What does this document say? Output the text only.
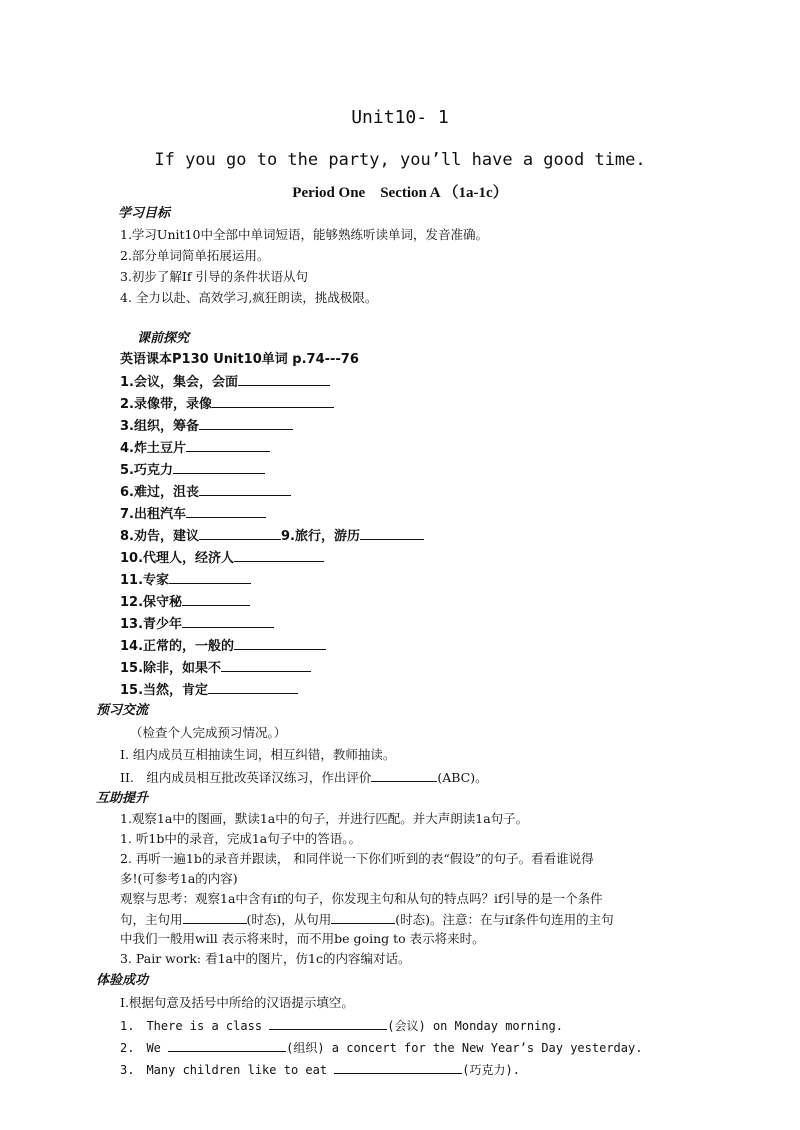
Unit10- 1
If you go to the party, you’ll have a good time.
Period One　Section A （1a-1c）
学习目标
1.学习Unit10中全部中单词短语，能够熟练听读单词，发音准确。
2.部分单词简单拓展运用。
3.初步了解If 引导的条件状语从句
4. 全力以赴、高效学习,疯狂朗读，挑战极限。
课前探究
英语课本P130 Unit10单词 p.74---76
1.会议，集会，会面
2.录像带，录像
3.组织，筹备
4.炸土豆片
5.巧克力
6.难过，沮丧
7.出租汽车
8.劝告，建议	9.旅行，游历
10.代理人，经济人
11.专家
12.保守秘
13.青少年
14.正常的，一般的
15.除非，如果不
15.当然，肯定
预习交流
（检查个人完成预习情况。）
I. 组内成员互相抽读生词，相互纠错，教师抽读。
II.　组内成员相互批改英译汉练习，作出评价	(ABC)。
互助提升
1.观察1a中的图画，默读1a中的句子，并进行匹配。并大声朗读1a句子。
1. 听1b中的录音，完成1a句子中的答语。。
2. 再听一遍1b的录音并跟读， 和同伴说一下你们听到的表“假设”的句子。看看谁说得
多!(可参考1a的内容)
观察与思考：观察1a中含有if的句子，你发现主句和从句的特点吗？if引导的是一个条件
句，主句用	(时态)，从句用	(时态)。注意：在与if条件句连用的主句
中我们一般用will 表示将来时，而不用be going to 表示将来时。
3. Pair work: 看1a中的图片，仿1c的内容编对话。
体验成功
I.根据句意及括号中所给的汉语提示填空。
1.　There is a class	(会议) on Monday morning.
2.　We	(组织) a concert for the New Year’s Day yesterday.
3.　Many children like to eat	(巧克力).
